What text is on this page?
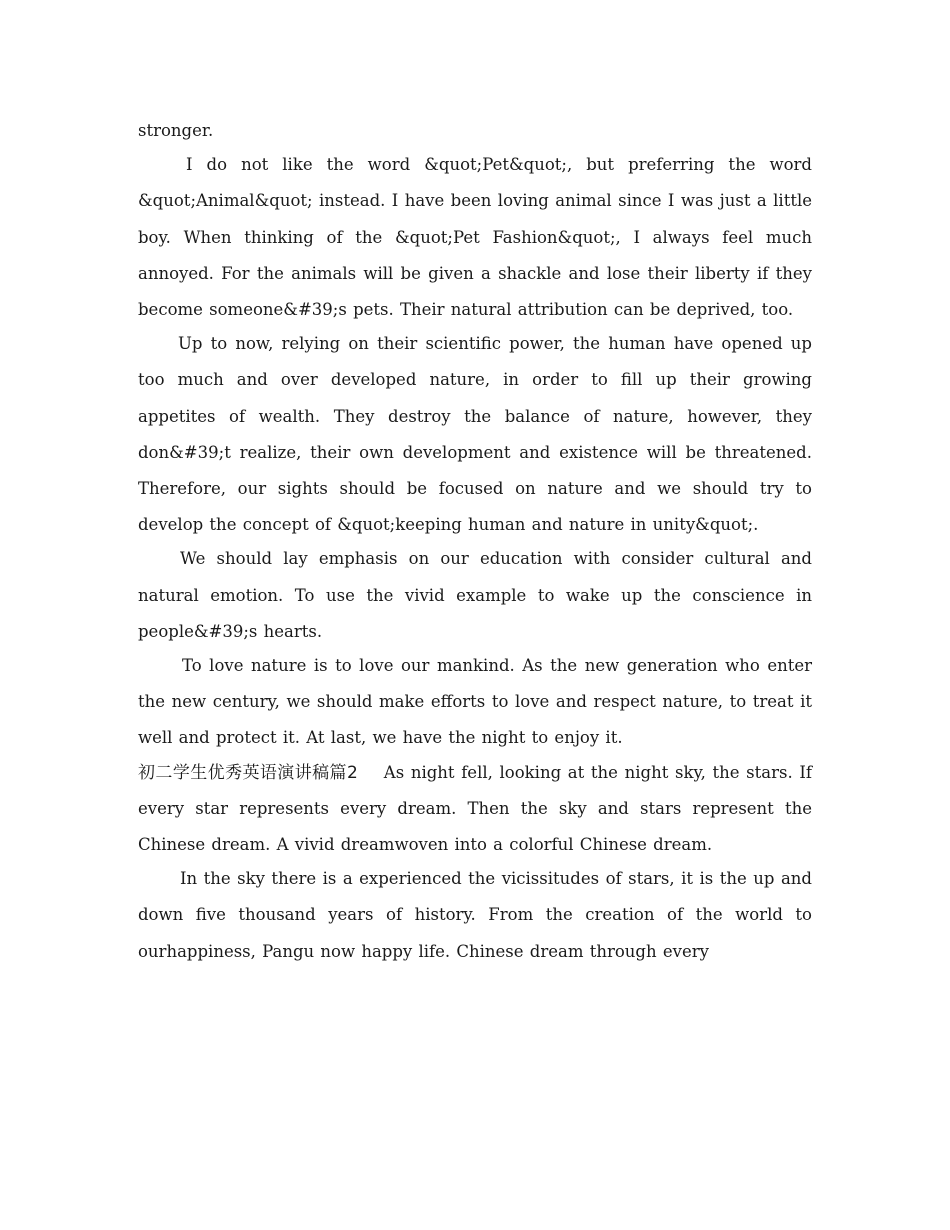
stronger.

I do not like the word &quot;Pet&quot;, but preferring the word &quot;Animal&quot; instead. I have been loving animal since I was just a little boy. When thinking of the &quot;Pet Fashion&quot;, I always feel much annoyed. For the animals will be given a shackle and lose their liberty if they become someone&#39;s pets. Their natural attribution can be deprived, too.

Up to now, relying on their scientific power, the human have opened up too much and over developed nature, in order to fill up their growing appetites of wealth. They destroy the balance of nature, however, they don&#39;t realize, their own development and existence will be threatened. Therefore, our sights should be focused on nature and we should try to develop the concept of &quot;keeping human and nature in unity&quot;.

We should lay emphasis on our education with consider cultural and natural emotion. To use the vivid example to wake up the conscience in people&#39;s hearts.

To love nature is to love our mankind. As the new generation who enter the new century, we should make efforts to love and respect nature, to treat it well and protect it. At last, we have the night to enjoy it.

初二学生优秀英语演讲稿篇2 As night fell, looking at the night sky, the stars. If every star represents every dream. Then the sky and stars represent the Chinese dream. A vivid dreamwoven into a colorful Chinese dream.

In the sky there is a experienced the vicissitudes of stars, it is the up and down five thousand years of history. From the creation of the world to ourhappiness, Pangu now happy life. Chinese dream through every
